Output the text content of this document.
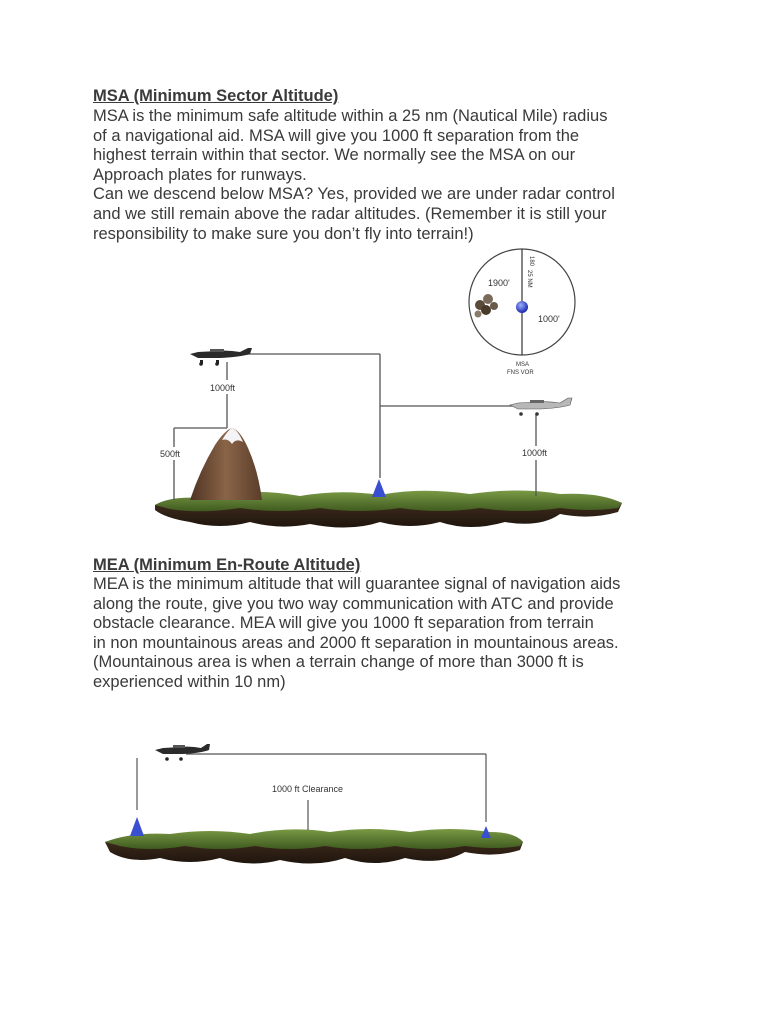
MSA (Minimum Sector Altitude)
MSA is the minimum safe altitude within a 25 nm (Nautical Mile) radius
of a navigational aid. MSA will give you 1000 ft separation from the
highest terrain within that sector. We normally see the MSA on our
Approach plates for runways.
Can we descend below MSA? Yes, provided we are under radar control
and we still remain above the radar altitudes. (Remember it is still your
responsibility to make sure you don’t fly into terrain!)
1000ft
500ft	1000ft
1900'
1000'
180
25 NM
MSA
FNS VOR
MEA (Minimum En-Route Altitude)
MEA is the minimum altitude that will guarantee signal of navigation aids
along the route, give you two way communication with ATC and provide
obstacle clearance. MEA will give you 1000 ft separation from terrain
in non mountainous areas and 2000 ft separation in mountainous areas.
(Mountainous area is when a terrain change of more than 3000 ft is
experienced within 10 nm)
1000 ft Clearance
